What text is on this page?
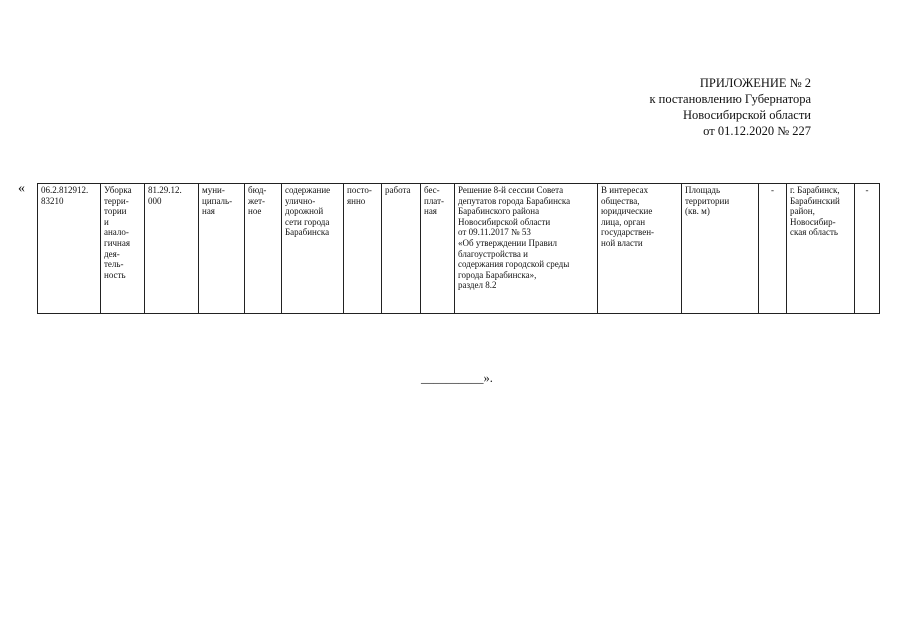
ПРИЛОЖЕНИЕ № 2
к постановлению Губернатора
Новосибирской области
от 01.12.2020 № 227
« 06.2.812912.
83210	Уборка
терри-
тории
и
анало-
гичная
дея-
тель-
ность	81.29.12.
000	муни-
ципаль-
ная	бюд-
жет-
ное	содержание
улично-
дорожной
сети города
Барабинска	посто-
янно	работа	бес-
плат-
ная	Решение 8-й сессии Совета
депутатов города Барабинска
Барабинского района
Новосибирской области
от 09.11.2017 № 53
«Об утверждении Правил
благоустройства и
содержания городской среды
города Барабинска»,
раздел 8.2	В интересах
общества,
юридические
лица, орган
государствен-
ной власти	Площадь
территории
(кв. м)	-	г. Барабинск,
Барабинский
район,
Новосибир-
ская область	-
__________».
